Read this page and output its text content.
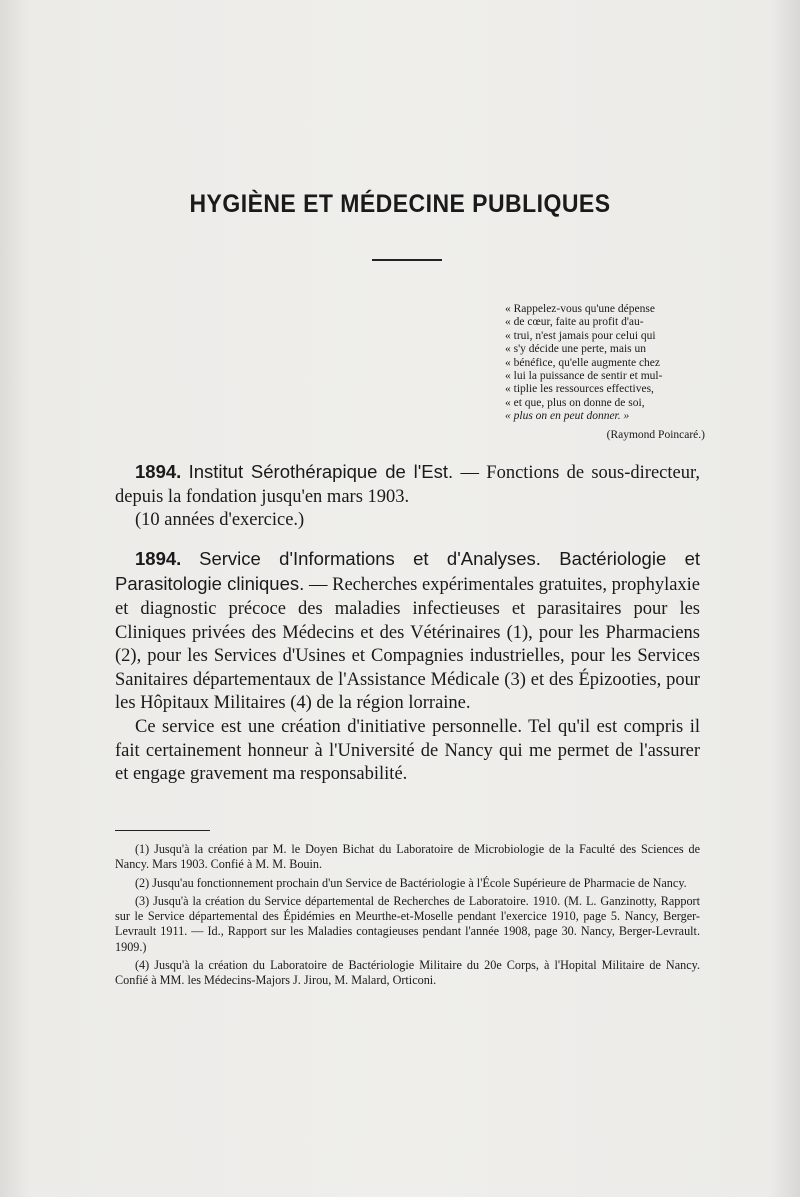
HYGIÈNE ET MÉDECINE PUBLIQUES
« Rappelez-vous qu'une dépense
« de cœur, faite au profit d'au-
« trui, n'est jamais pour celui qui
« s'y décide une perte, mais un
« bénéfice, qu'elle augmente chez
« lui la puissance de sentir et mul-
« tiplie les ressources effectives,
« et que, plus on donne de soi,
« plus on en peut donner. »
(Raymond Poincaré.)

1894. Institut Sérothérapique de l'Est. — Fonctions de sous-directeur, depuis la fondation jusqu'en mars 1903.

(10 années d'exercice.)

1894. Service d'Informations et d'Analyses. Bactériologie et Parasitologie cliniques. — Recherches expérimentales gratuites, prophylaxie et diagnostic précoce des maladies infectieuses et parasitaires pour les Cliniques privées des Médecins et des Vétérinaires (1), pour les Pharmaciens (2), pour les Services d'Usines et Compagnies industrielles, pour les Services Sanitaires départementaux de l'Assistance Médicale (3) et des Épizooties, pour les Hôpitaux Militaires (4) de la région lorraine.

Ce service est une création d'initiative personnelle. Tel qu'il est compris il fait certainement honneur à l'Université de Nancy qui me permet de l'assurer et engage gravement ma responsabilité.

(1) Jusqu'à la création par M. le Doyen Bichat du Laboratoire de Microbiologie de la Faculté des Sciences de Nancy. Mars 1903. Confié à M. M. Bouin.

(2) Jusqu'au fonctionnement prochain d'un Service de Bactériologie à l'École Supérieure de Pharmacie de Nancy.

(3) Jusqu'à la création du Service départemental de Recherches de Laboratoire. 1910. (M. L. Ganzinotty, Rapport sur le Service départemental des Épidémies en Meurthe-et-Moselle pendant l'exercice 1910, page 5. Nancy, Berger-Levrault 1911. — Id., Rapport sur les Maladies contagieuses pendant l'année 1908, page 30. Nancy, Berger-Levrault. 1909.)

(4) Jusqu'à la création du Laboratoire de Bactériologie Militaire du 20e Corps, à l'Hopital Militaire de Nancy. Confié à MM. les Médecins-Majors J. Jirou, M. Malard, Orticoni.
